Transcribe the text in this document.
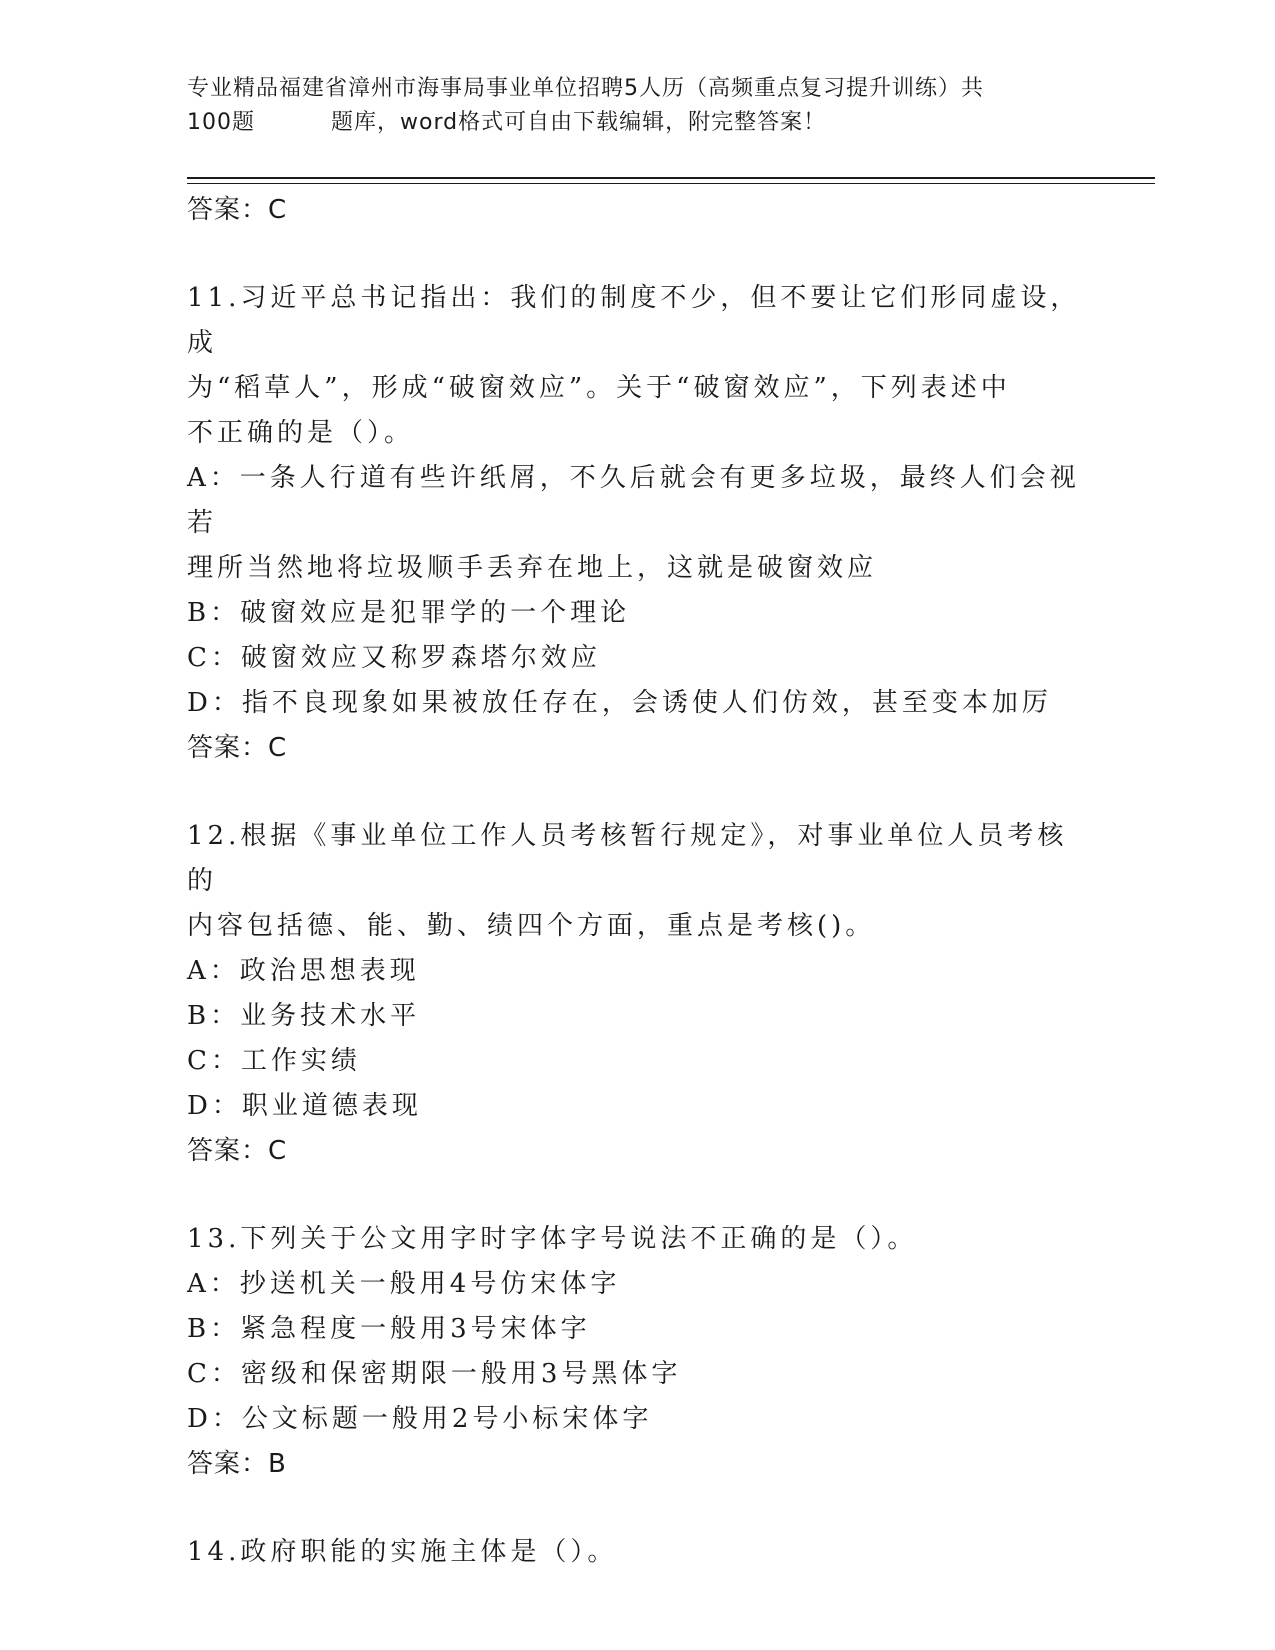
专业精品福建省漳州市海事局事业单位招聘5人历（高频重点复习提升训练）共
100题	题库，word格式可自由下载编辑，附完整答案！

答案：C

11.习近平总书记指出：我们的制度不少，但不要让它们形同虚设，成

为“稻草人”，形成“破窗效应”。关于“破窗效应”，下列表述中

不正确的是（）。

A：一条人行道有些许纸屑，不久后就会有更多垃圾，最终人们会视若

理所当然地将垃圾顺手丢弃在地上，这就是破窗效应

B：破窗效应是犯罪学的一个理论

C：破窗效应又称罗森塔尔效应

D：指不良现象如果被放任存在，会诱使人们仿效，甚至变本加厉

答案：C

12.根据《事业单位工作人员考核暂行规定》，对事业单位人员考核的

内容包括德、能、勤、绩四个方面，重点是考核()。

A：政治思想表现

B：业务技术水平

C：工作实绩

D：职业道德表现

答案：C

13.下列关于公文用字时字体字号说法不正确的是（）。

A：抄送机关一般用4号仿宋体字

B：紧急程度一般用3号宋体字

C：密级和保密期限一般用3号黑体字

D：公文标题一般用2号小标宋体字

答案：B

14.政府职能的实施主体是（）。
